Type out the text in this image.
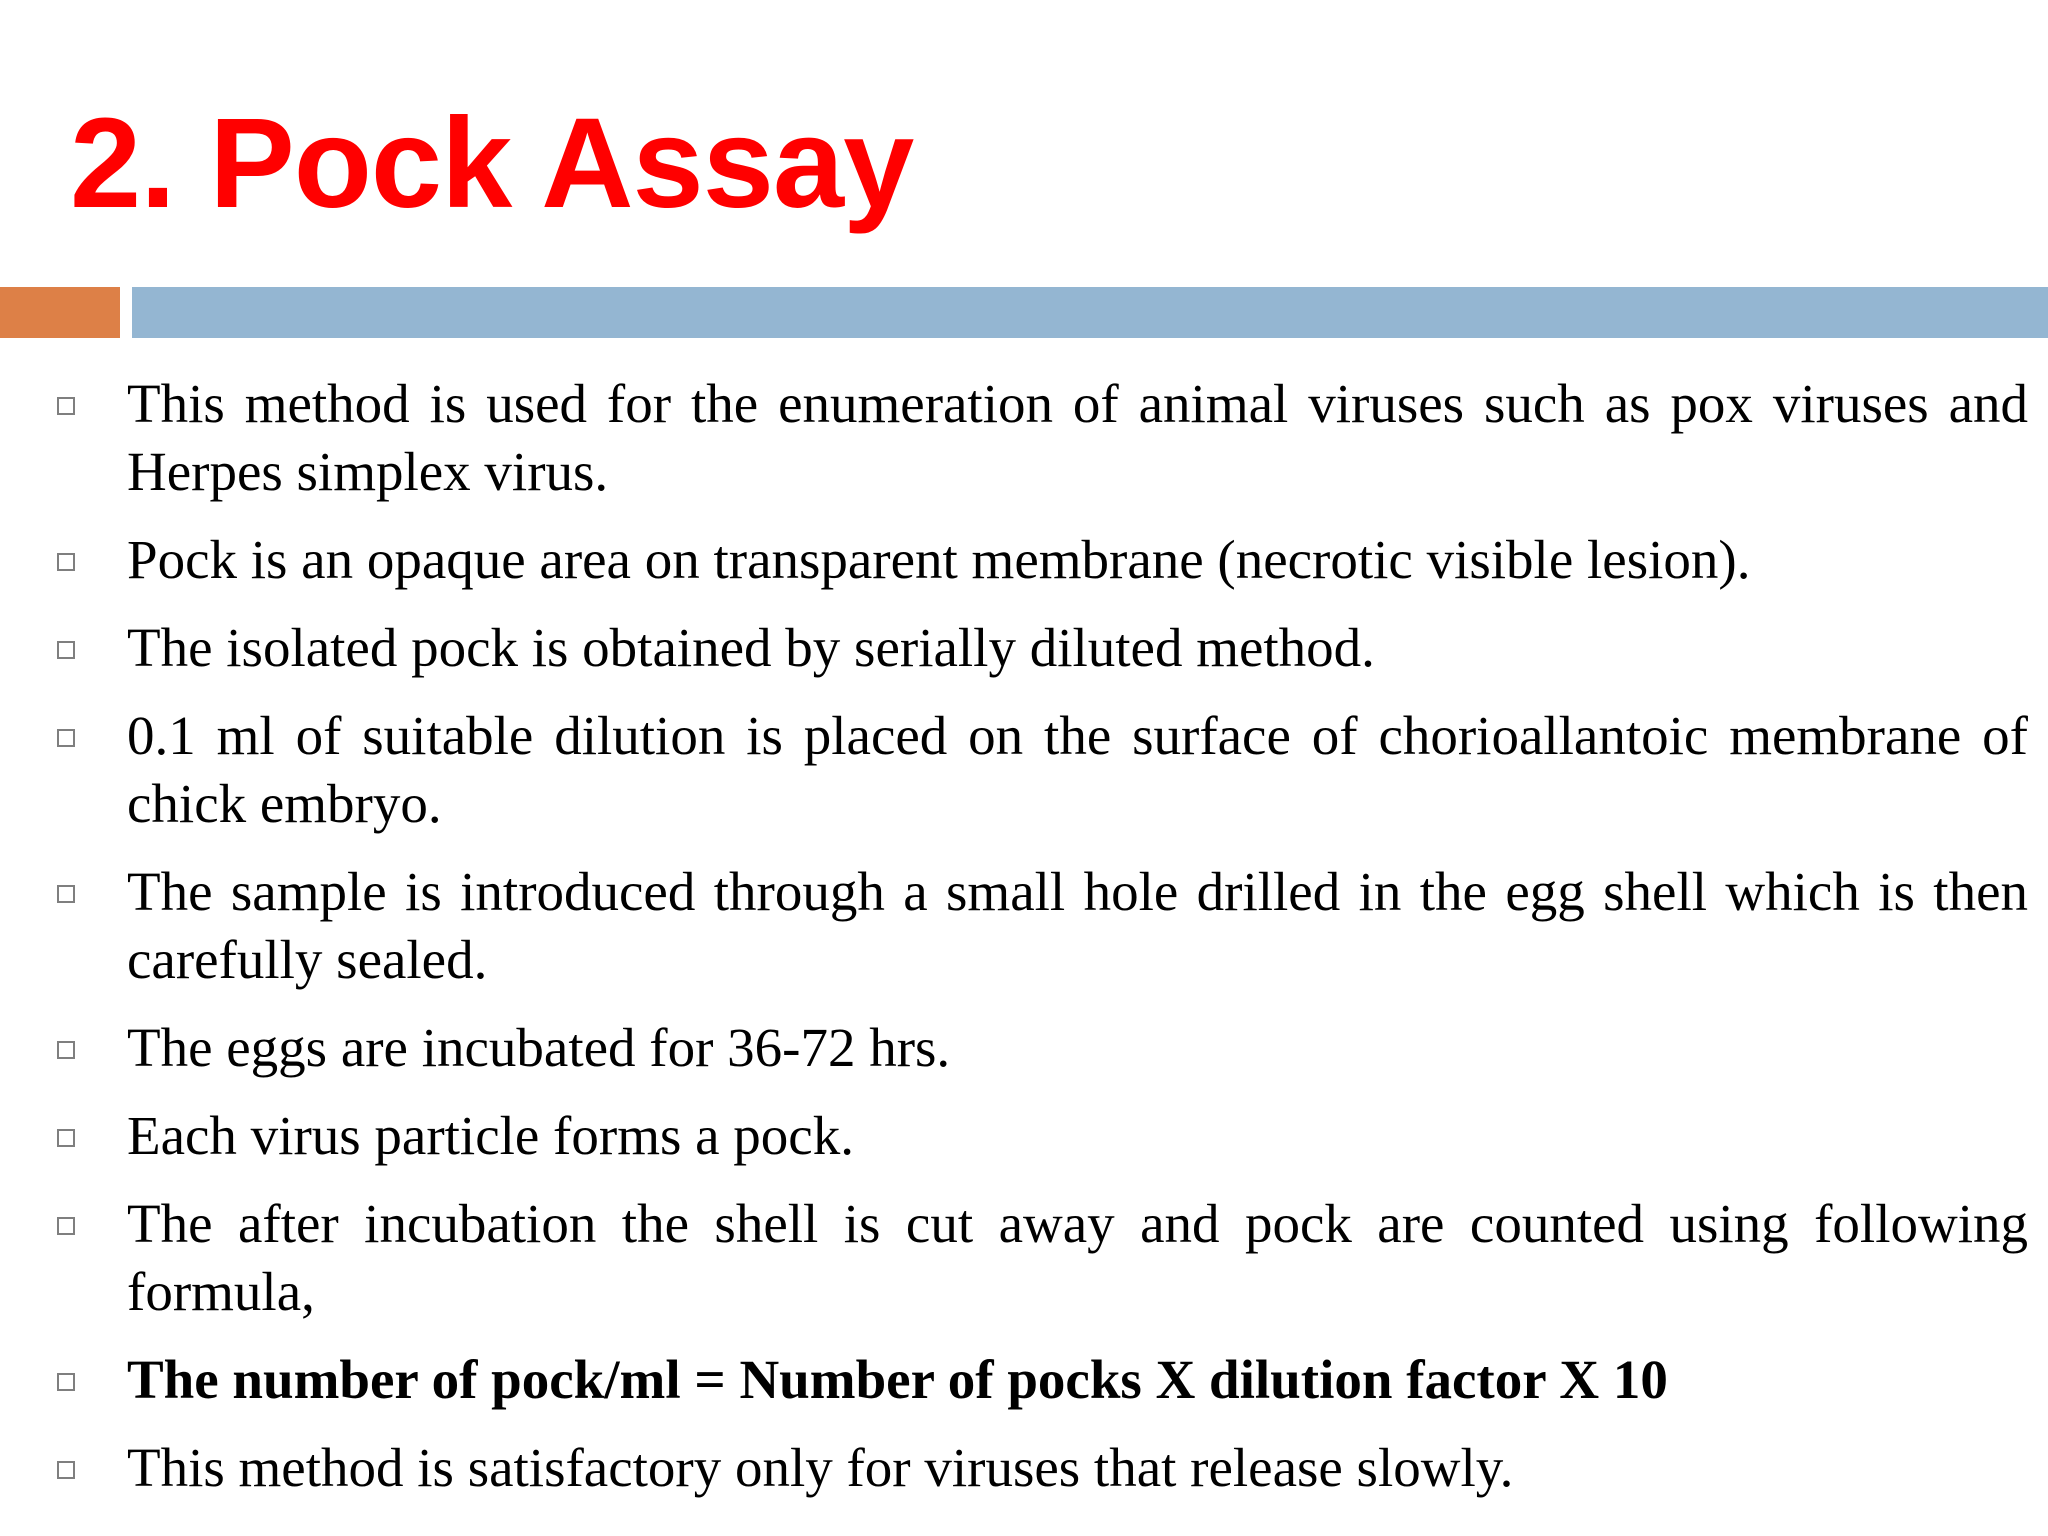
2. Pock Assay
This method is used for the enumeration of animal viruses such as pox viruses and Herpes simplex virus.
Pock is an opaque area on transparent membrane (necrotic visible lesion).
The isolated pock is obtained by serially diluted method.
0.1 ml of suitable dilution is placed on the surface of chorioallantoic membrane of chick embryo.
The sample is introduced through a small hole drilled in the egg shell which is then carefully sealed.
The eggs are incubated for 36-72 hrs.
Each virus particle forms a pock.
The after incubation the shell is cut away and pock are counted using following formula,
The number of pock/ml = Number of pocks X dilution factor X 10
This method is satisfactory only for viruses that release slowly.
